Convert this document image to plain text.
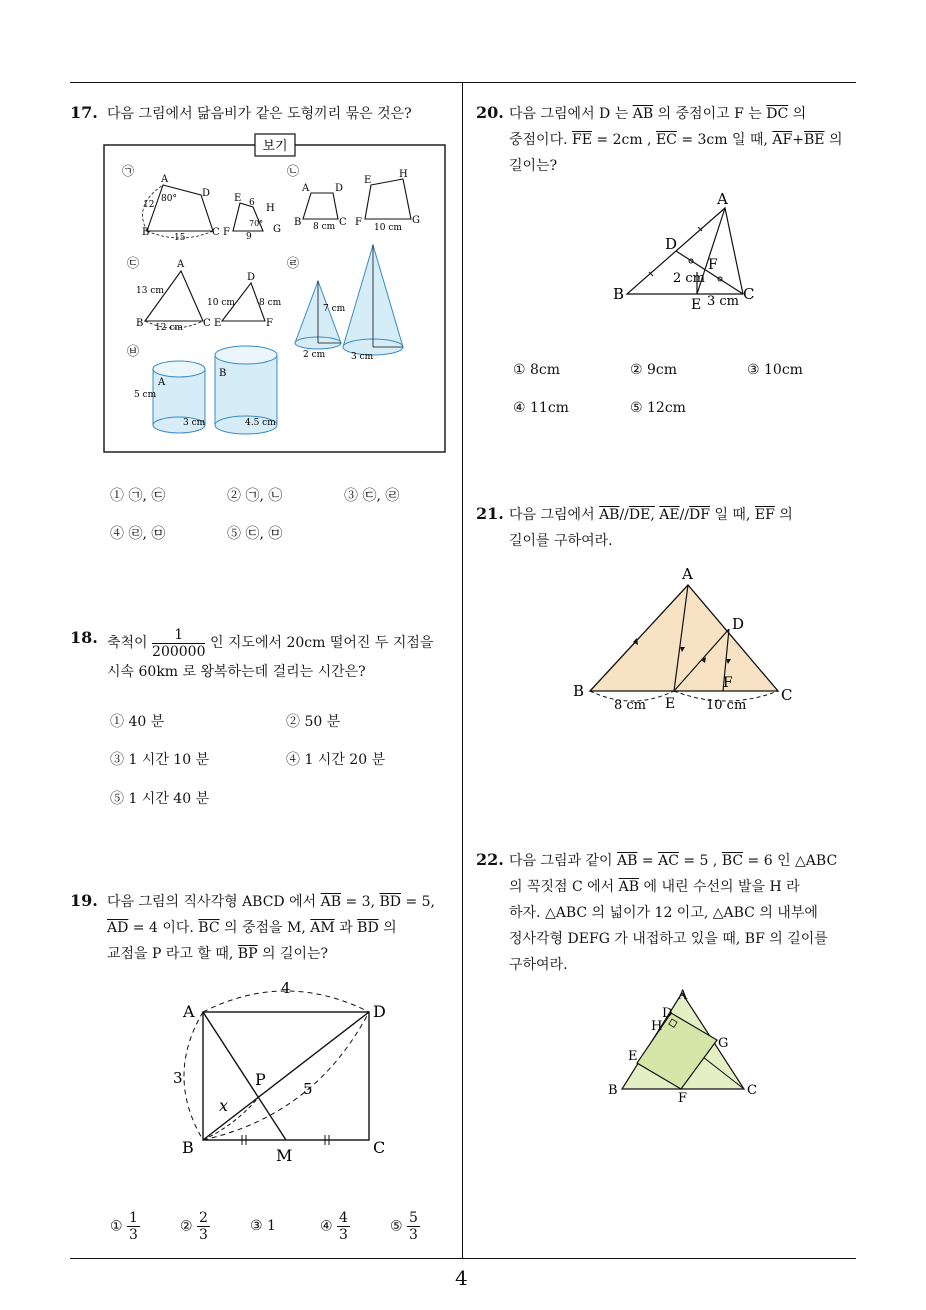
17. 다음 그림에서 닮음비가 같은 도형끼리 묶은 것은?
보기
㉠
A
D
B	C
12
80°
15
E 6 H
70°
F 9
G
㉡
A	D
B	C
8 cm
E
H
F	G
10 cm
㉢	A
13 cm
B	C
12 cm
D
10 cm	8 cm
E	F
㉣
7 cm
2 cm	3 cm
㉥
A
5 cm
3 cm
B
4.5 cm
① ㉠, ㉢	② ㉠, ㉡	③ ㉢, ㉣
④ ㉣, ㉤	⑤ ㉢, ㉤
18. 축척이 $\frac{1}{200000}$ 인 지도에서 20cm 떨어진 두 지점을
시속 60km 로 왕복하는데 걸리는 시간은?
① 40 분	② 50 분
③ 1 시간 10 분	④ 1 시간 20 분
⑤ 1 시간 40 분
19. 다음 그림의 직사각형 ABCD 에서 $\overline{AB} = 3$, $\overline{BD} = 5$,
$\overline{AD} = 4$ 이다. $\overline{BC}$ 의 중점을 M, $\overline{AM}$ 과 $\overline{BD}$ 의
교점을 P 라고 할 때, $\overline{BP}$ 의 길이는?
A	D
B	C
M
P
x
4
3
5
① $\frac{1}{3}$	② $\frac{2}{3}$	③ 1	④ $\frac{4}{3}$	⑤ $\frac{5}{3}$
20. 다음 그림에서 D 는 $\overline{AB}$ 의 중점이고 F 는 $\overline{DC}$ 의
중점이다. $\overline{FE} = 2cm$ , $\overline{EC} = 3cm$ 일 때, $\overline{AF}+\overline{BE}$ 의
길이는?
A
D
F
2 cm
B
E 3 cm C
① 8cm	② 9cm	③ 10cm
④ 11cm	⑤ 12cm
21. 다음 그림에서 $\overline{AB}//DE$, $\overline{AE}//\overline{DF}$ 일 때, $\overline{EF}$ 의
길이를 구하여라.
A
D
F
B	C
E
8 cm	10 cm
22. 다음 그림과 같이 $\overline{AB} = \overline{AC} = 5$ , $\overline{BC} = 6$ 인 △ABC
의 꼭짓점 C 에서 $\overline{AB}$ 에 내린 수선의 발을 H 라
하자. △ABC 의 넓이가 12 이고, △ABC 의 내부에
정사각형 DEFG 가 내접하고 있을 때, BF 의 길이를
구하여라.
A
D
H
G
E
B
F
C
4
